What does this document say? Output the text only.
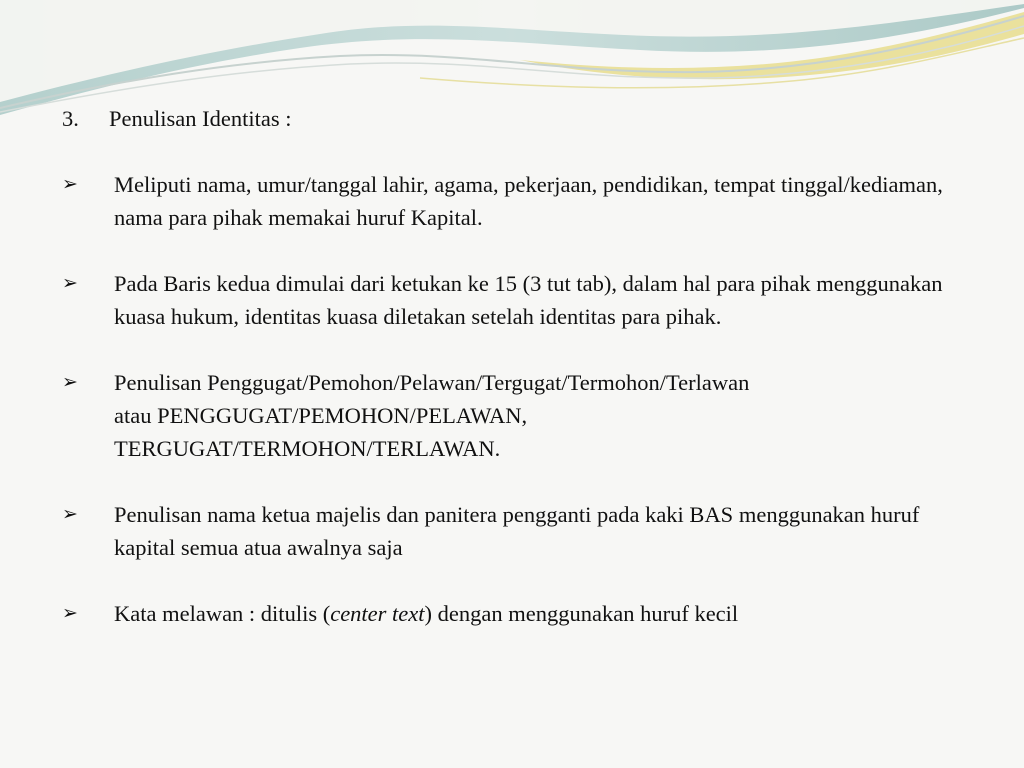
3.	Penulisan Identitas :
➢	Meliputi nama, umur/tanggal lahir, agama, pekerjaan, pendidikan, tempat tinggal/kediaman, nama para pihak memakai huruf Kapital.
➢	Pada Baris kedua dimulai dari ketukan ke 15 (3 tut tab), dalam hal para pihak menggunakan kuasa hukum, identitas kuasa diletakan setelah identitas para pihak.
➢	Penulisan Penggugat/Pemohon/Pelawan/Tergugat/Termohon/Terlawan
atau PENGGUGAT/PEMOHON/PELAWAN,
TERGUGAT/TERMOHON/TERLAWAN.
➢	Penulisan nama ketua majelis dan panitera pengganti pada kaki BAS menggunakan huruf kapital semua atua awalnya saja
➢	Kata melawan : ditulis (center text) dengan menggunakan huruf kecil
